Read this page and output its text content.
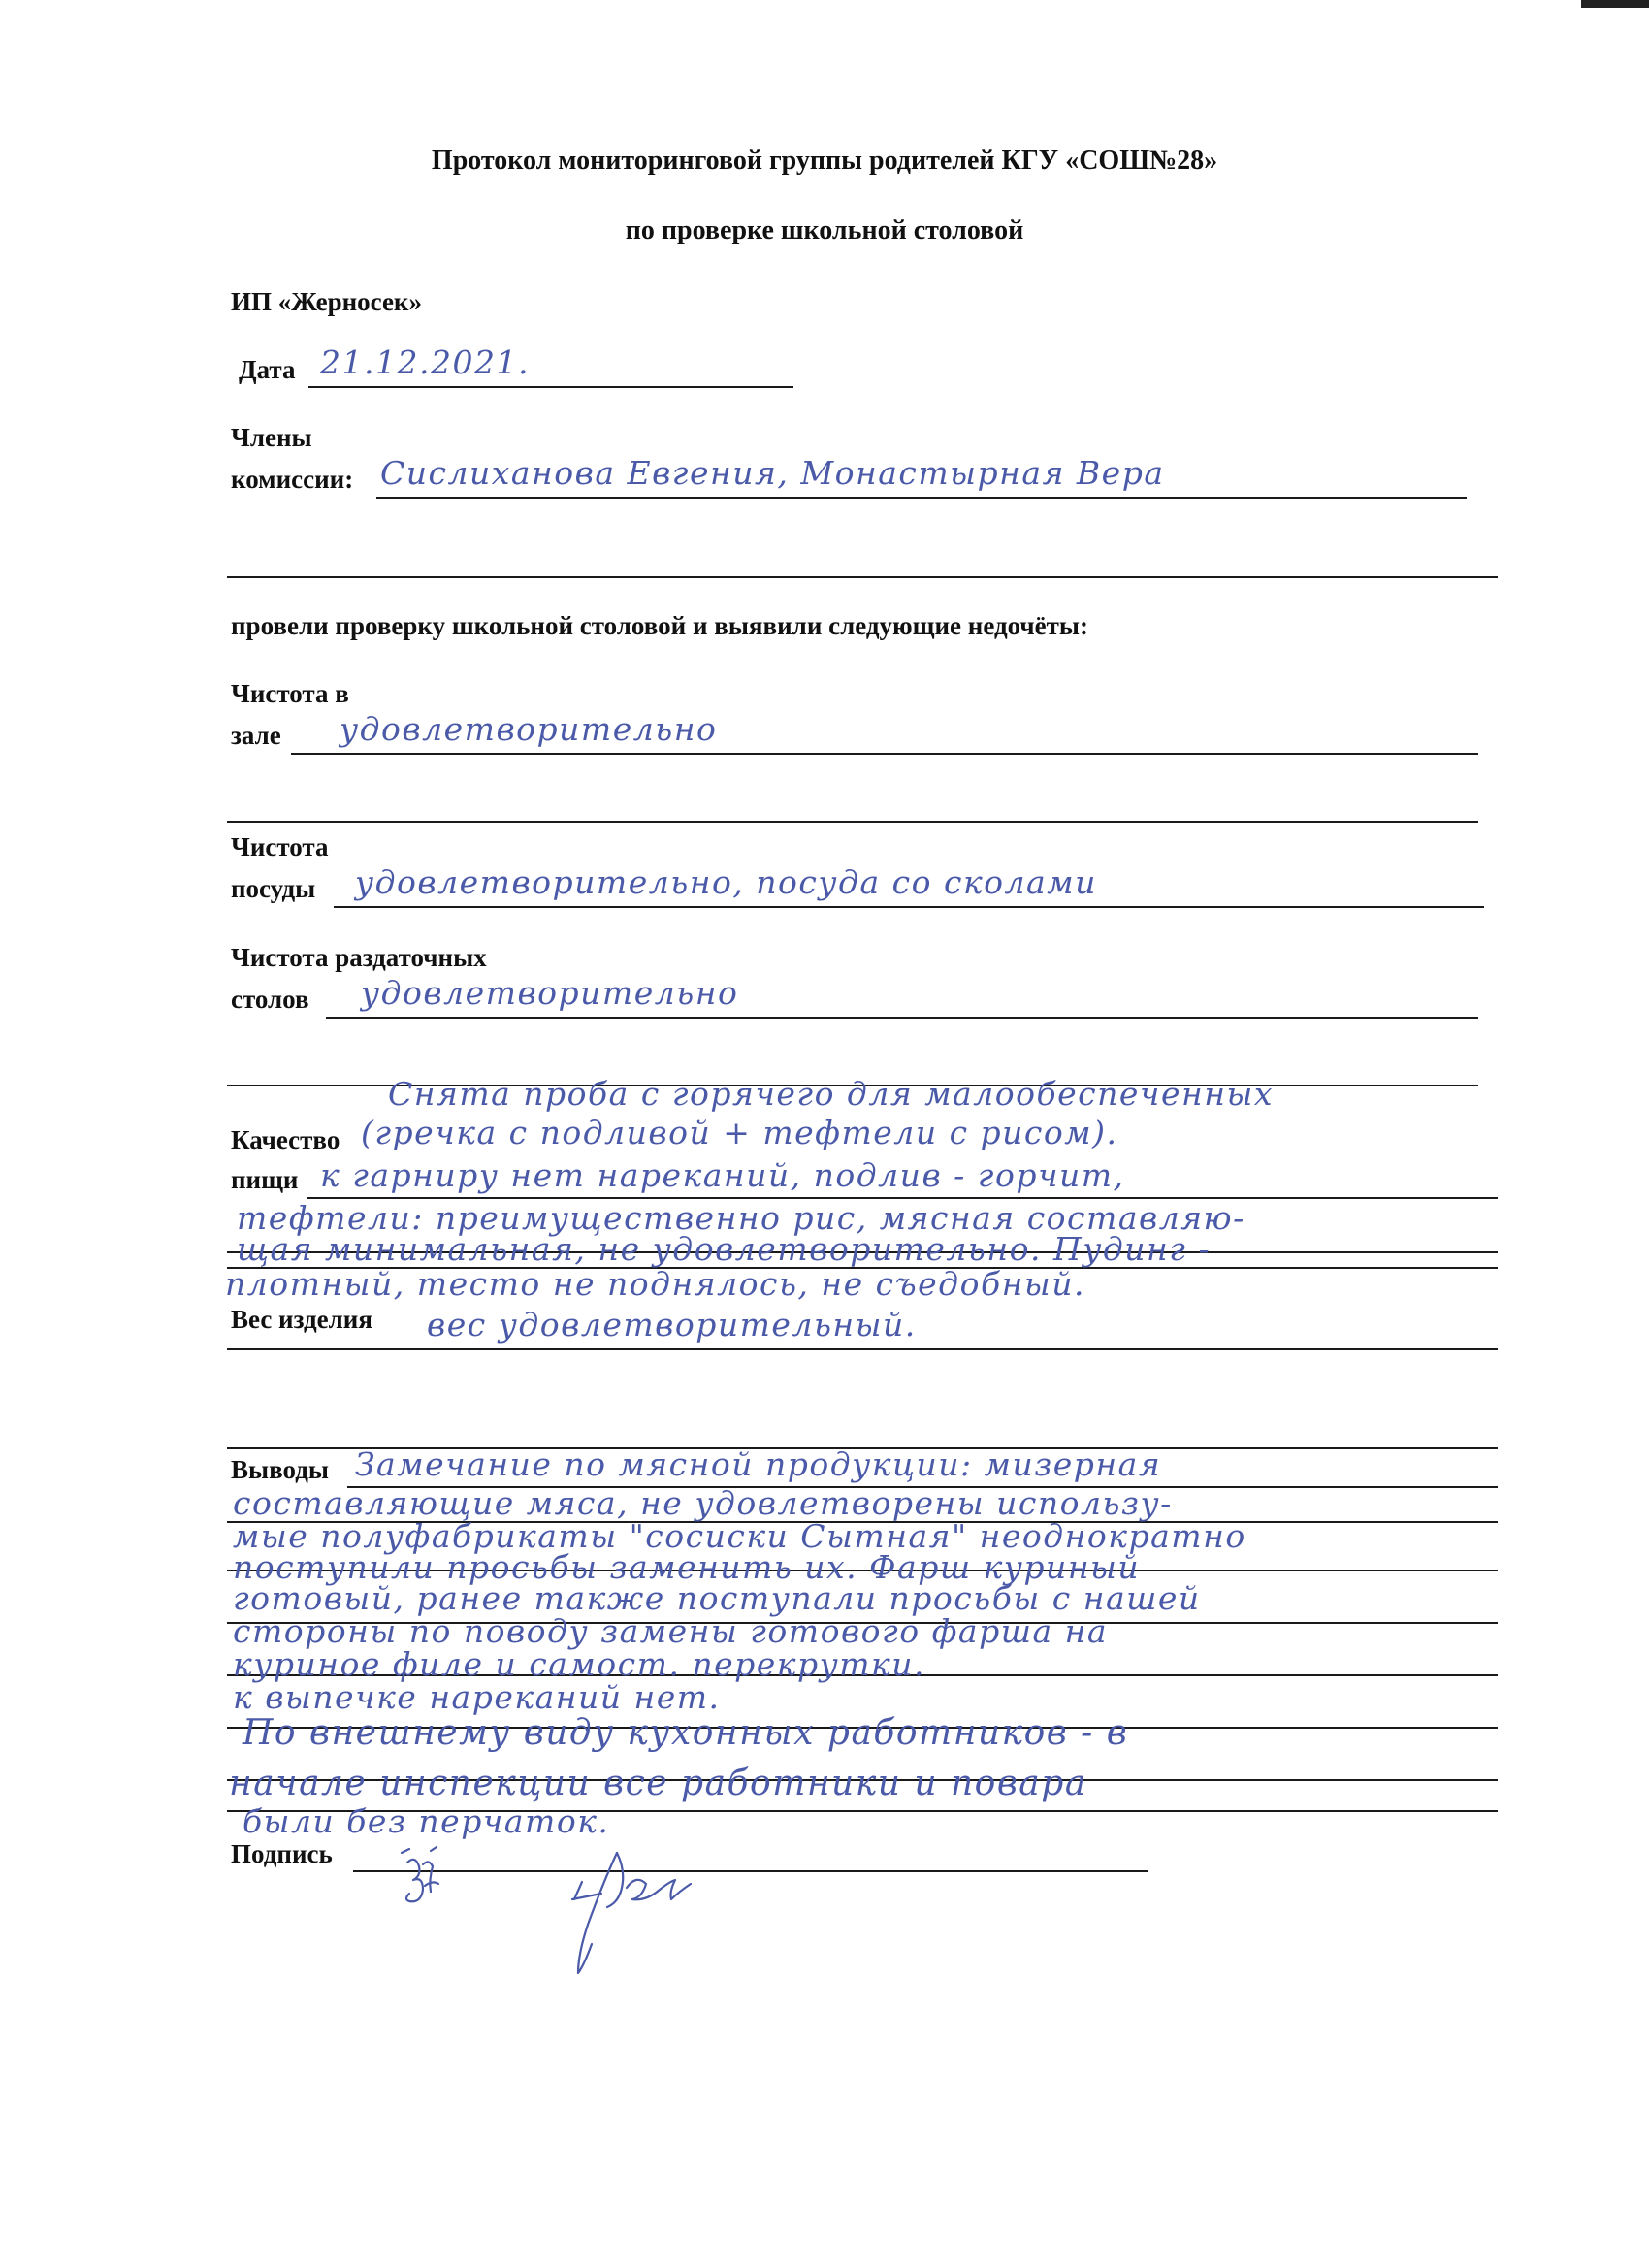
Протокол мониторинговой группы родителей КГУ «СОШ№28»
по проверке школьной столовой
ИП «Жерносек»
Дата 21.12.2021.
Члены
комиссии: Сислиханова Евгения, Монастырная Вера
провели проверку школьной столовой и выявили следующие недочёты:
Чистота в
зале удовлетворительно
Чистота
посуды удовлетворительно, посуда со сколами
Чистота раздаточных
столов удовлетворительно
Качество
пищи
Снята проба с горячего для малообеспеченных
(гречка с подливой + тефтели с рисом).
к гарниру нет нареканий, подлив - горчит,
тефтели: преимущественно рис, мясная составляю-
щая минимальная, не удовлетворительно. Пудинг -
плотный, тесто не поднялось, не съедобный.
Вес изделия вес удовлетворительный.
Выводы Замечание по мясной продукции: мизерная
составляющие мяса, не удовлетворены использу-
мые полуфабрикаты "сосиски Сытная" неоднократно
поступили просьбы заменить их. Фарш куриный
готовый, ранее также поступали просьбы с нашей
стороны по поводу замены готового фарша на
куриное филе и самост. перекрутки.
к выпечке нареканий нет.
По внешнему виду кухонных работников - в
начале инспекции все работники и повара
были без перчаток.
Подпись
